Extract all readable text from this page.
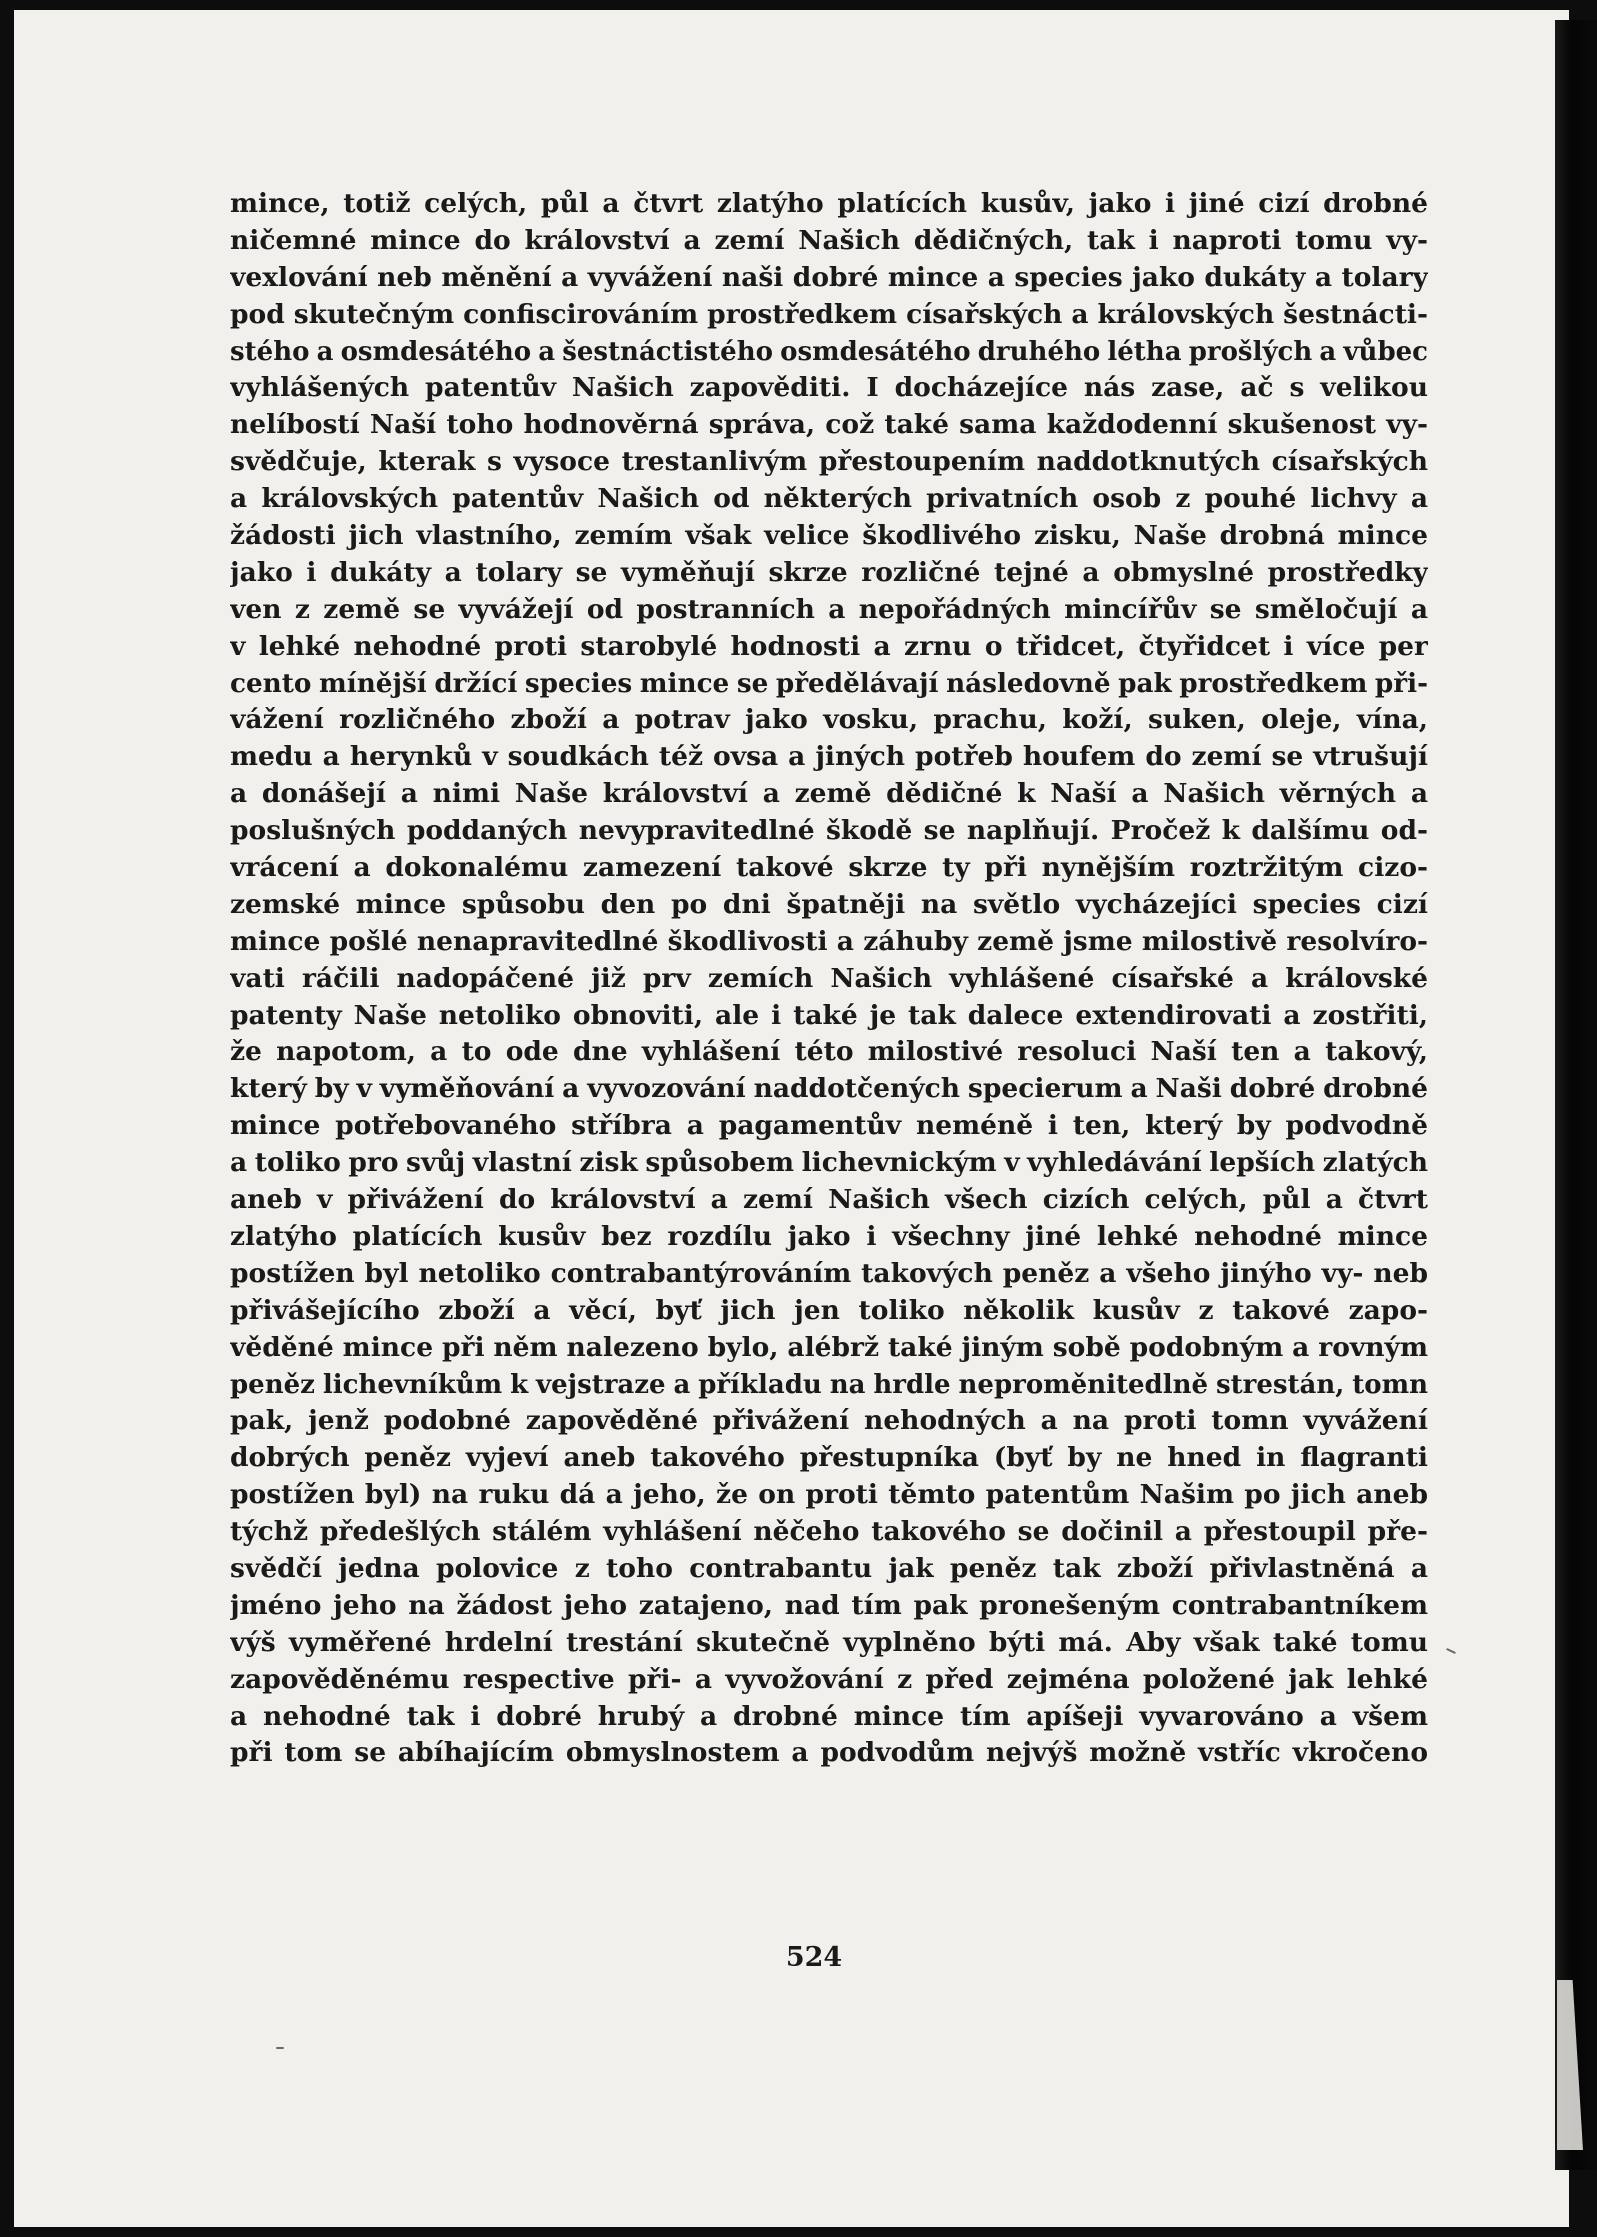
mince, totiž celých, půl a čtvrt zlatýho platících kusův, jako i jiné cizí drobné
ničemné mince do království a zemí Našich dědičných, tak i naproti tomu vy-
vexlování neb měnění a vyvážení naši dobré mince a species jako dukáty a tolary
pod skutečným confiscirováním prostředkem císařských a královských šestnácti-
stého a osmdesátého a šestnáctistého osmdesátého druhého létha prošlých a vůbec
vyhlášených patentův Našich zapověditi. I docházejíce nás zase, ač s velikou
nelíbostí Naší toho hodnověrná správa, což také sama každodenní skušenost vy-
svědčuje, kterak s vysoce trestanlivým přestoupením naddotknutých císařských
a královských patentův Našich od některých privatních osob z pouhé lichvy a
žádosti jich vlastního, zemím však velice škodlivého zisku, Naše drobná mince
jako i dukáty a tolary se vyměňují skrze rozličné tejné a obmyslné prostředky
ven z země se vyvážejí od postranních a nepořádných mincířův se směločují a
v lehké nehodné proti starobylé hodnosti a zrnu o třidcet, čtyřidcet i více per
cento mínější držící species mince se předělávají následovně pak prostředkem při-
vážení rozličného zboží a potrav jako vosku, prachu, koží, suken, oleje, vína,
medu a herynků v soudkách též ovsa a jiných potřeb houfem do zemí se vtrušují
a donášejí a nimi Naše království a země dědičné k Naší a Našich věrných a
poslušných poddaných nevypravitedlné škodě se naplňují. Pročež k dalšímu od-
vrácení a dokonalému zamezení takové skrze ty při nynějším roztržitým cizo-
zemské mince spůsobu den po dni špatněji na světlo vycházejíci species cizí
mince pošlé nenapravitedlné škodlivosti a záhuby země jsme milostivě resolvíro-
vati ráčili nadopáčené již prv zemích Našich vyhlášené císařské a královské
patenty Naše netoliko obnoviti, ale i také je tak dalece extendirovati a zostřiti,
že napotom, a to ode dne vyhlášení této milostivé resoluci Naší ten a takový,
který by v vyměňování a vyvozování naddotčených specierum a Naši dobré drobné
mince potřebovaného stříbra a pagamentův neméně i ten, který by podvodně
a toliko pro svůj vlastní zisk spůsobem lichevnickým v vyhledávání lepších zlatých
aneb v přivážení do království a zemí Našich všech cizích celých, půl a čtvrt
zlatýho platících kusův bez rozdílu jako i všechny jiné lehké nehodné mince
postížen byl netoliko contrabantýrováním takových peněz a všeho jinýho vy- neb
přivášejícího zboží a věcí, byť jich jen toliko několik kusův z takové zapo-
věděné mince při něm nalezeno bylo, alébrž také jiným sobě podobným a rovným
peněz lichevníkům k vejstraze a příkladu na hrdle neproměnitedlně strestán, tomn
pak, jenž podobné zapověděné přivážení nehodných a na proti tomn vyvážení
dobrých peněz vyjeví aneb takového přestupníka (byť by ne hned in flagranti
postížen byl) na ruku dá a jeho, že on proti těmto patentům Našim po jich aneb
týchž předešlých stálém vyhlášení něčeho takového se dočinil a přestoupil pře-
svědčí jedna polovice z toho contrabantu jak peněz tak zboží přivlastněná a
jméno jeho na žádost jeho zatajeno, nad tím pak pronešeným contrabantníkem
výš vyměřené hrdelní trestání skutečně vyplněno býti má. Aby však také tomu
zapověděnému respective při- a vyvožování z před zejména položené jak lehké
a nehodné tak i dobré hrubý a drobné mince tím apíšeji vyvarováno a všem
při tom se abíhajícím obmyslnostem a podvodům nejvýš možně vstříc vkročeno
524
